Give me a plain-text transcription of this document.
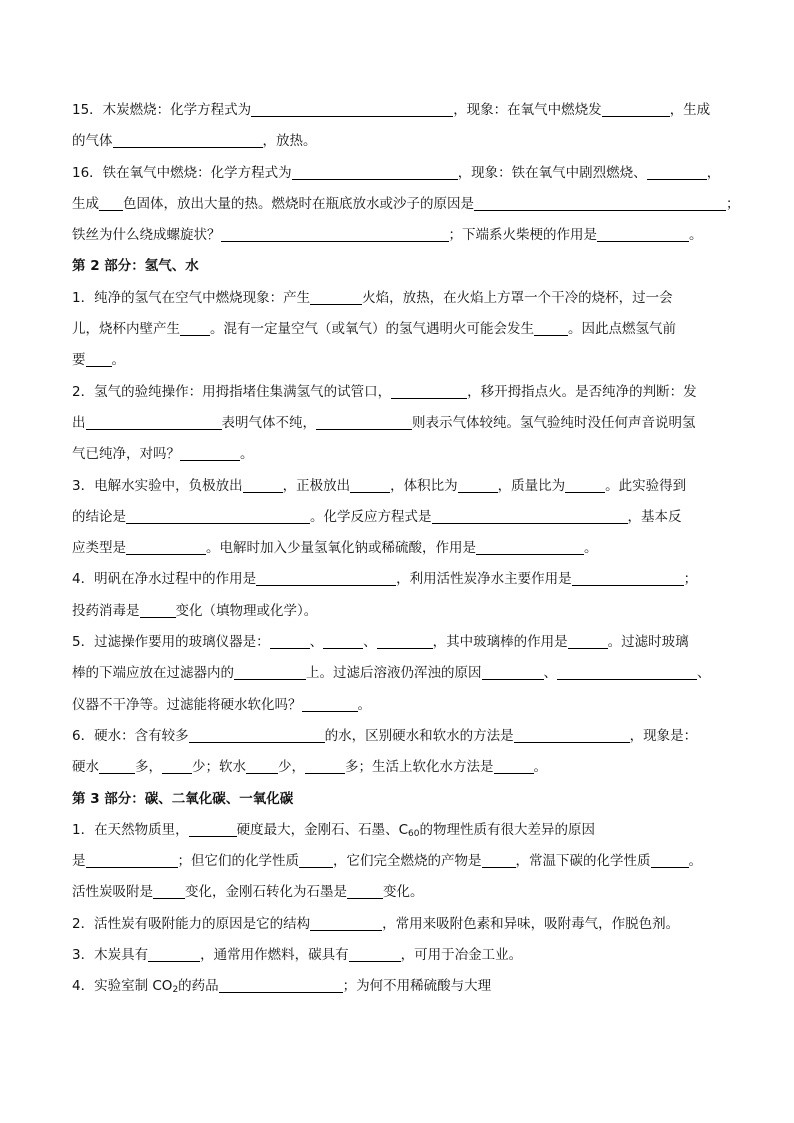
15．木炭燃烧：化学方程式为	，现象：在氧气中燃烧发	，生成
的气体	，放热。
16．铁在氧气中燃烧：化学方程式为	，现象：铁在氧气中剧烈燃烧、	，
生成 色固体，放出大量的热。燃烧时在瓶底放水或沙子的原因是	；
铁丝为什么绕成螺旋状？	；下端系火柴梗的作用是	。
第 2 部分：氢气、水
1．纯净的氢气在空气中燃烧现象：产生	火焰，放热，在火焰上方罩一个干冷的烧杯，过一会
儿，烧杯内壁产生 。混有一定量空气（或氧气）的氢气遇明火可能会发生	。因此点燃氢气前
要 。
2．氢气的验纯操作：用拇指堵住集满氢气的试管口，	，移开拇指点火。是否纯净的判断：发
出	表明气体不纯，	则表示气体较纯。氢气验纯时没任何声音说明氢
气已纯净，对吗？	。
3．电解水实验中，负极放出	，正极放出	，体积比为	，质量比为	。此实验得到
的结论是	。化学反应方程式是	，基本反
应类型是	。电解时加入少量氢氧化钠或稀硫酸，作用是	。
4．明矾在净水过程中的作用是	，利用活性炭净水主要作用是	；
投药消毒是	变化（填物理或化学）。
5．过滤操作要用的玻璃仪器是：	、	、	，其中玻璃棒的作用是	。过滤时玻璃
棒的下端应放在过滤器内的	上。过滤后溶液仍浑浊的原因	、	、
仪器不干净等。过滤能将硬水软化吗？	。
6．硬水：含有较多	的水，区别硬水和软水的方法是	，现象是：
硬水	多， 少；软水 少，	多；生活上软化水方法是	。
第 3 部分：碳、二氧化碳、一氧化碳
1．在天然物质里，	硬度最大，金刚石、石墨、$C_{60}$的物理性质有很大差异的原因
是	；但它们的化学性质	，它们完全燃烧的产物是	，常温下碳的化学性质	。
活性炭吸附是 变化，金刚石转化为石墨是	变化。
2．活性炭有吸附能力的原因是它的结构	，常用来吸附色素和异味，吸附毒气，作脱色剂。
3．木炭具有	，通常用作燃料，碳具有	，可用于冶金工业。
4．实验室制 $CO_2$的药品	；为何不用稀硫酸与大理
